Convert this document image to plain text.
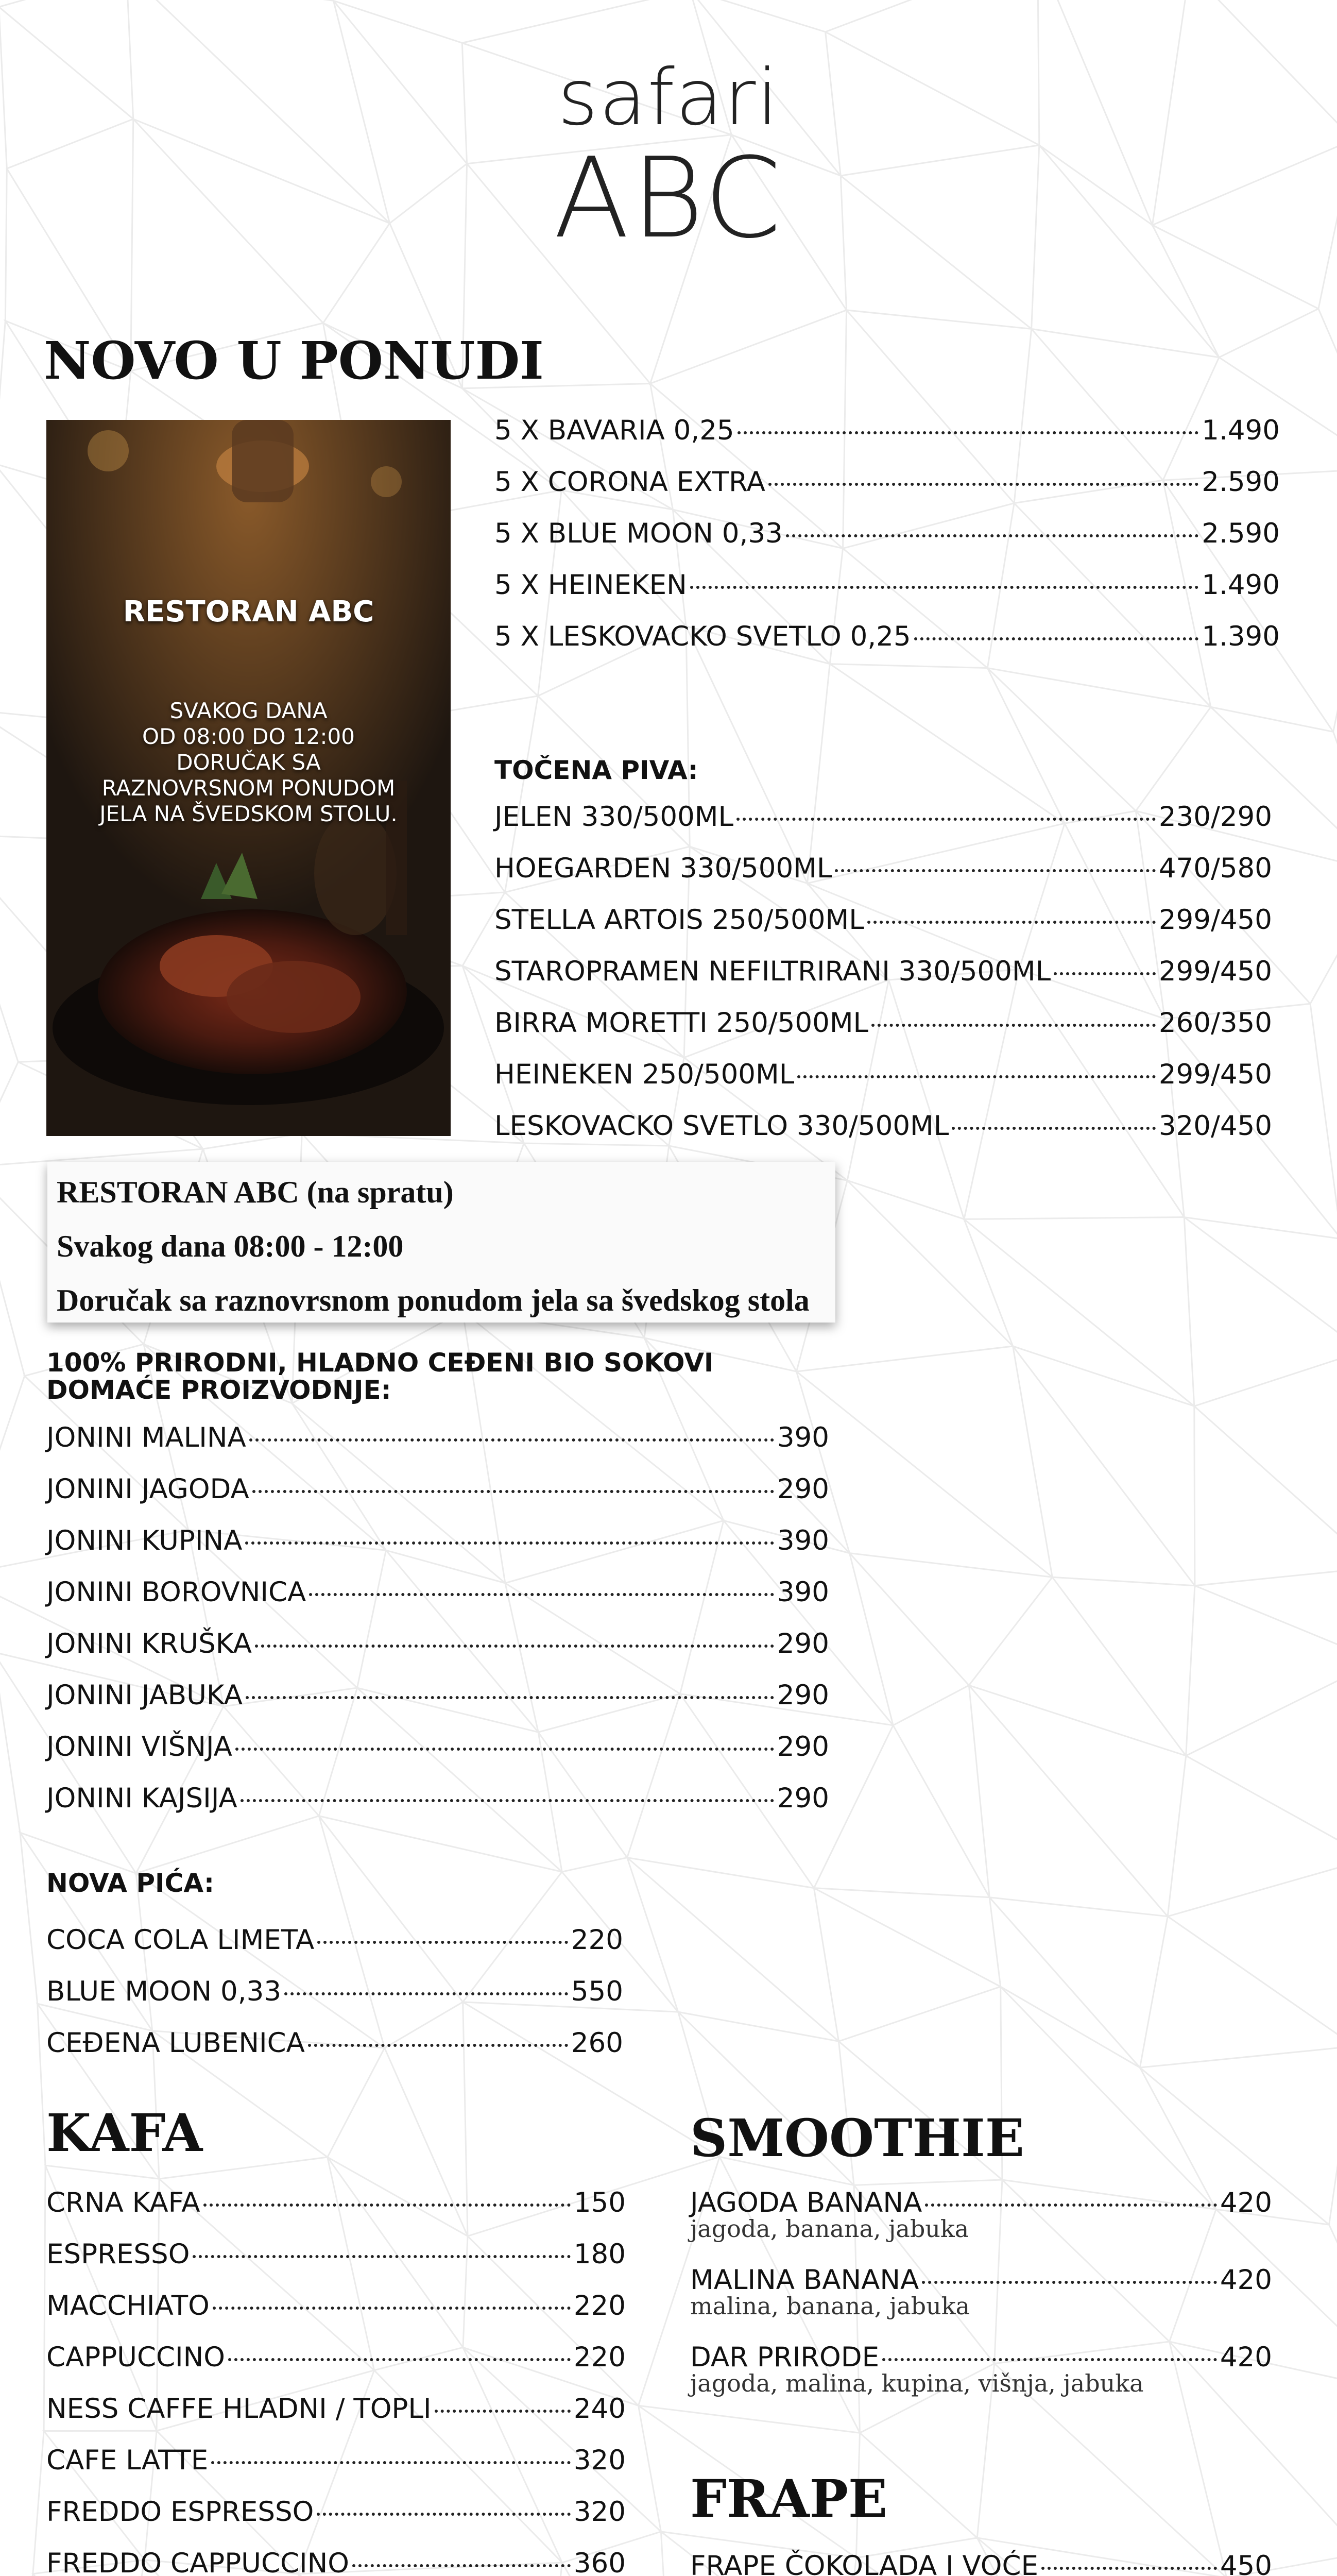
safari
ABC
NOVO U PONUDI
RESTORAN ABC
SVAKOG DANA
OD 08:00 DO 12:00
DORUČAK SA
RAZNOVRSNOM PONUDOM
JELA NA ŠVEDSKOM STOLU.
5 X BAVARIA 0,25	1.490
5 X CORONA EXTRA	2.590
5 X BLUE MOON 0,33	2.590
5 X HEINEKEN	1.490
5 X LESKOVACKO SVETLO 0,25	1.390
TOČENA PIVA:
JELEN 330/500ML	230/290
HOEGARDEN 330/500ML	470/580
STELLA ARTOIS 250/500ML	299/450
STAROPRAMEN NEFILTRIRANI 330/500ML	299/450
BIRRA MORETTI 250/500ML	260/350
HEINEKEN 250/500ML	299/450
LESKOVACKO SVETLO 330/500ML	320/450
RESTORAN ABC (na spratu)
Svakog dana 08:00 - 12:00
Doručak sa raznovrsnom ponudom jela sa švedskog stola
100% PRIRODNI, HLADNO CEĐENI BIO SOKOVI
DOMAĆE PROIZVODNJE:
JONINI MALINA	390
JONINI JAGODA	290
JONINI KUPINA	390
JONINI BOROVNICA	390
JONINI KRUŠKA	290
JONINI JABUKA	290
JONINI VIŠNJA	290
JONINI KAJSIJA	290
NOVA PIĆA:
COCA COLA LIMETA	220
BLUE MOON 0,33	550
CEĐENA LUBENICA	260
KAFA
CRNA KAFA	150
ESPRESSO	180
MACCHIATO	220
CAPPUCCINO	220
NESS CAFFE HLADNI / TOPLI	240
CAFE LATTE	320
FREDDO ESPRESSO	320
FREDDO CAPPUCCINO	360
SMOOTHIE
JAGODA BANANA	420
jagoda, banana, jabuka
MALINA BANANA	420
malina, banana, jabuka
DAR PRIRODE	420
jagoda, malina, kupina, višnja, jabuka
FRAPE
FRAPE ČOKOLADA I VOĆE	450
